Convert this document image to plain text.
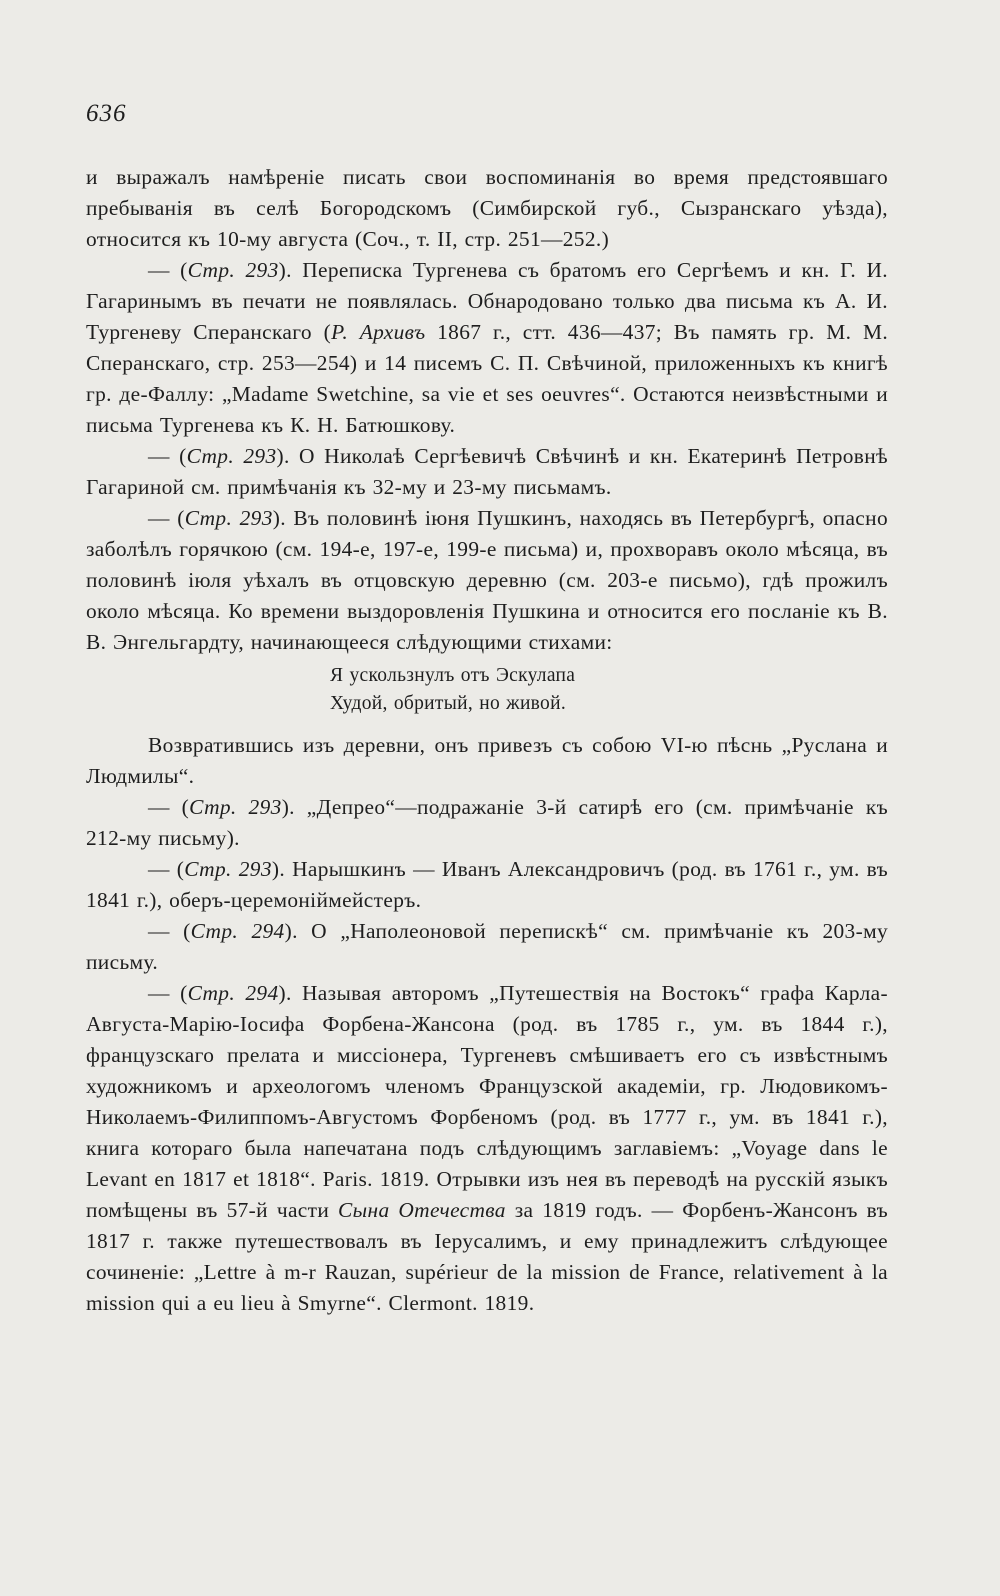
636

и выражалъ намѣреніе писать свои воспоминанія во время предстоявшаго пребыванія въ селѣ Богородскомъ (Симбирской губ., Сызранскаго уѣзда), относится къ 10-му августа (Соч., т. II, стр. 251—252.)

— (Стр. 293). Переписка Тургенева съ братомъ его Сергѣемъ и кн. Г. И. Гагаринымъ въ печати не появлялась. Обнародовано только два письма къ А. И. Тургеневу Сперанскаго (Р. Архивъ 1867 г., стт. 436—437; Въ память гр. М. М. Сперанскаго, стр. 253—254) и 14 писемъ С. П. Свѣчиной, приложенныхъ къ книгѣ гр. де-Фаллу: „Madame Swetchine, sa vie et ses oeuvres“. Остаются неизвѣстными и письма Тургенева къ К. Н. Батюшкову.

— (Стр. 293). О Николаѣ Сергѣевичѣ Свѣчинѣ и кн. Екатеринѣ Петровнѣ Гагариной см. примѣчанія къ 32-му и 23-му письмамъ.

— (Стр. 293). Въ половинѣ іюня Пушкинъ, находясь въ Петербургѣ, опасно заболѣлъ горячкою (см. 194-е, 197-е, 199-е письма) и, прохворавъ около мѣсяца, въ половинѣ іюля уѣхалъ въ отцовскую деревню (см. 203-е письмо), гдѣ прожилъ около мѣсяца. Ко времени выздоровленія Пушкина и относится его посланіе къ В. В. Энгельгардту, начинающееся слѣдующими стихами:

Я ускользнулъ отъ Эскулапа
Худой, обритый, но живой.

Возвратившись изъ деревни, онъ привезъ съ собою VI-ю пѣснь „Руслана и Людмилы“.

— (Стр. 293). „Депрео“—подражаніе 3-й сатирѣ его (см. примѣчаніе къ 212-му письму).

— (Стр. 293). Нарышкинъ — Иванъ Александровичъ (род. въ 1761 г., ум. въ 1841 г.), оберъ-церемоніймейстеръ.

— (Стр. 294). О „Наполеоновой перепискѣ“ см. примѣчаніе къ 203-му письму.

— (Стр. 294). Называя авторомъ „Путешествія на Востокъ“ графа Карла-Августа-Марію-Іосифа Форбена-Жансона (род. въ 1785 г., ум. въ 1844 г.), французскаго прелата и миссіонера, Тургеневъ смѣшиваетъ его съ извѣстнымъ художникомъ и археологомъ членомъ Французской академіи, гр. Людовикомъ-Николаемъ-Филиппомъ-Августомъ Форбеномъ (род. въ 1777 г., ум. въ 1841 г.), книга котораго была напечатана подъ слѣдующимъ заглавіемъ: „Voyage dans le Levant en 1817 et 1818“. Paris. 1819. Отрывки изъ нея въ переводѣ на русскій языкъ помѣщены въ 57-й части Сына Отечества за 1819 годъ. — Форбенъ-Жансонъ въ 1817 г. также путешествовалъ въ Іерусалимъ, и ему принадлежитъ слѣдующее сочиненіе: „Lettre à m-r Rauzan, supérieur de la mission de France, relativement à la mission qui a eu lieu à Smyrne“. Clermont. 1819.
